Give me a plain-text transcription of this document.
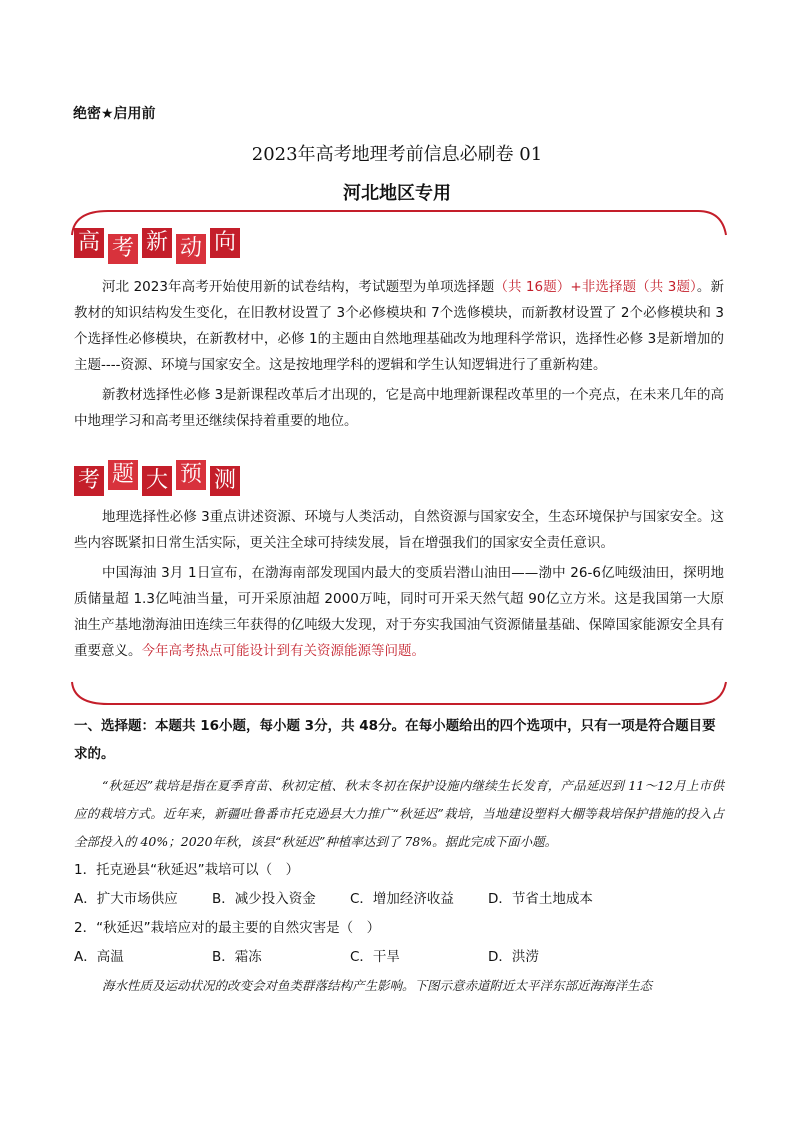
绝密★启用前
2023年高考地理考前信息必刷卷 01
河北地区专用
高 考 新 动 向

河北 2023年高考开始使用新的试卷结构，考试题型为单项选择题（共 16题）+非选择题（共 3题）。新教材的知识结构发生变化，在旧教材设置了 3个必修模块和 7个选修模块，而新教材设置了 2个必修模块和 3个选择性必修模块，在新教材中，必修 1的主题由自然地理基础改为地理科学常识，选择性必修 3是新增加的主题----资源、环境与国家安全。这是按地理学科的逻辑和学生认知逻辑进行了重新构建。

新教材选择性必修 3是新课程改革后才出现的，它是高中地理新课程改革里的一个亮点，在未来几年的高中地理学习和高考里还继续保持着重要的地位。

考 题 大 预 测

地理选择性必修 3重点讲述资源、环境与人类活动，自然资源与国家安全，生态环境保护与国家安全。这些内容既紧扣日常生活实际，更关注全球可持续发展，旨在增强我们的国家安全责任意识。

中国海油 3月 1日宣布，在渤海南部发现国内最大的变质岩潜山油田——渤中 26-6亿吨级油田，探明地质储量超 1.3亿吨油当量，可开采原油超 2000万吨，同时可开采天然气超 90亿立方米。这是我国第一大原油生产基地渤海油田连续三年获得的亿吨级大发现，对于夯实我国油气资源储量基础、保障国家能源安全具有重要意义。今年高考热点可能设计到有关资源能源等问题。

一、选择题：本题共 16小题，每小题 3分，共 48分。在每小题给出的四个选项中，只有一项是符合题目要求的。

“秋延迟”栽培是指在夏季育苗、秋初定植、秋末冬初在保护设施内继续生长发育，产品延迟到 11～12月上市供应的栽培方式。近年来，新疆吐鲁番市托克逊县大力推广“秋延迟”栽培，当地建设塑料大棚等栽培保护措施的投入占全部投入的 40%；2020年秋，该县“秋延迟”种植率达到了 78%。据此完成下面小题。

1．托克逊县“秋延迟”栽培可以（　）
A．扩大市场供应	B．减少投入资金	C．增加经济收益	D．节省土地成本
2．“秋延迟”栽培应对的最主要的自然灾害是（　）
A．高温	B．霜冻	C．干旱	D．洪涝

海水性质及运动状况的改变会对鱼类群落结构产生影响。下图示意赤道附近太平洋东部近海海洋生态
